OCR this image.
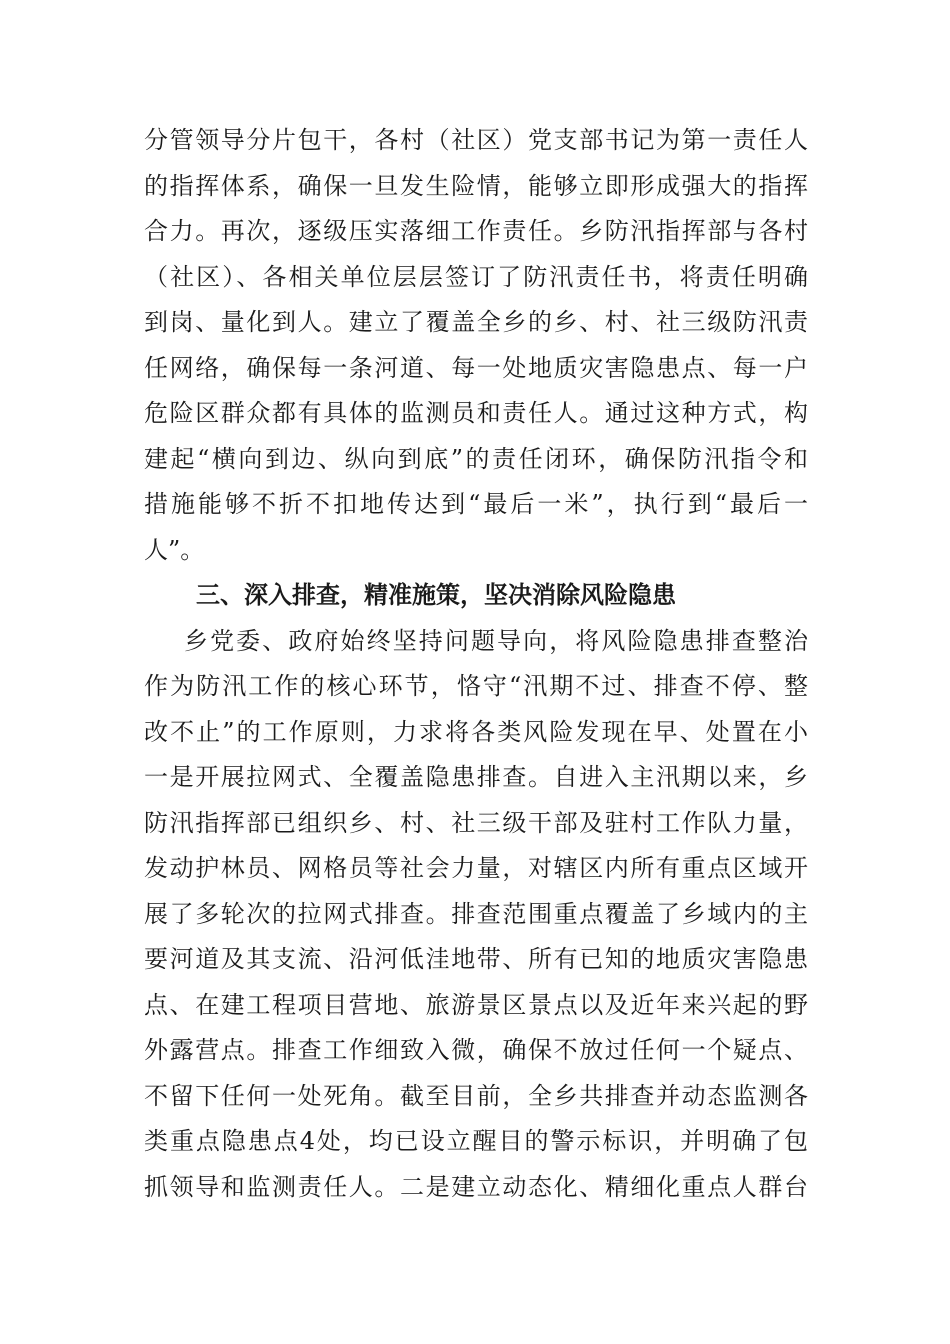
分管领导分片包干，各村（社区）党支部书记为第一责任人
的指挥体系，确保一旦发生险情，能够立即形成强大的指挥
合力。再次，逐级压实落细工作责任。乡防汛指挥部与各村
（社区）、各相关单位层层签订了防汛责任书，将责任明确
到岗、量化到人。建立了覆盖全乡的乡、村、社三级防汛责
任网络，确保每一条河道、每一处地质灾害隐患点、每一户
危险区群众都有具体的监测员和责任人。通过这种方式，构
建起“横向到边、纵向到底”的责任闭环，确保防汛指令和
措施能够不折不扣地传达到“最后一米”，执行到“最后一
人”。
三、深入排查，精准施策，坚决消除风险隐患
乡党委、政府始终坚持问题导向，将风险隐患排查整治
作为防汛工作的核心环节，恪守“汛期不过、排查不停、整
改不止”的工作原则，力求将各类风险发现在早、处置在小
一是开展拉网式、全覆盖隐患排查。自进入主汛期以来，乡
防汛指挥部已组织乡、村、社三级干部及驻村工作队力量，
发动护林员、网格员等社会力量，对辖区内所有重点区域开
展了多轮次的拉网式排查。排查范围重点覆盖了乡域内的主
要河道及其支流、沿河低洼地带、所有已知的地质灾害隐患
点、在建工程项目营地、旅游景区景点以及近年来兴起的野
外露营点。排查工作细致入微，确保不放过任何一个疑点、
不留下任何一处死角。截至目前，全乡共排查并动态监测各
类重点隐患点4处，均已设立醒目的警示标识，并明确了包
抓领导和监测责任人。二是建立动态化、精细化重点人群台
